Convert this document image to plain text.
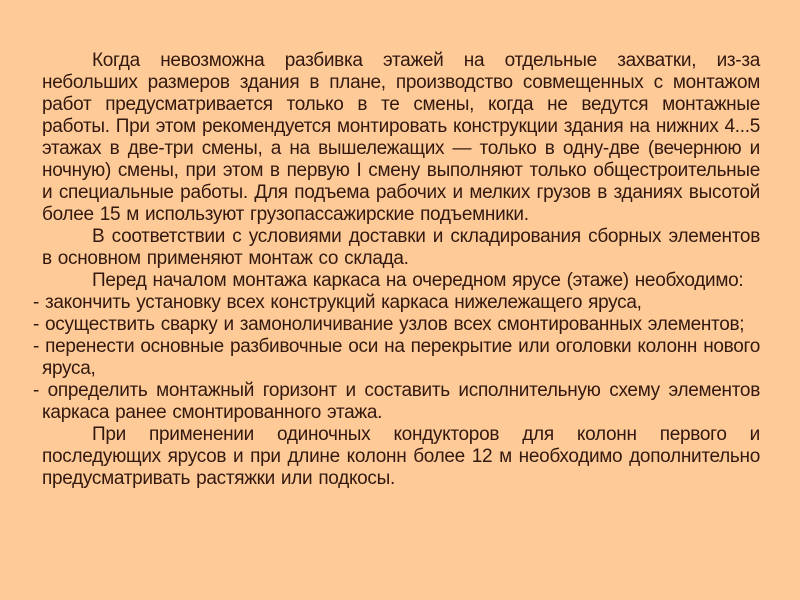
Когда невозможна разбивка этажей на отдельные захватки, из-за небольших размеров здания в плане, производство совмещенных с монтажом работ предусматривается только в те смены, когда не ведутся монтажные работы. При этом рекомендуется монтировать конструкции здания на нижних 4...5 этажах в две-три смены, а на вышележащих — только в одну-две (вечернюю и ночную) смены, при этом в первую I смену выполняют только общестроительные и специальные работы. Для подъема рабочих и мелких грузов в зданиях высотой более 15 м используют грузопассажирские подъемники.

В соответствии с условиями доставки и складирования сборных элементов в основном применяют монтаж со склада.

Перед началом монтажа каркаса на очередном ярусе (этаже) необходимо:

- закончить установку всех конструкций каркаса нижележащего яруса,

- осуществить сварку и замоноличивание узлов всех смонтированных элементов;

- перенести основные разбивочные оси на перекрытие или оголовки колонн нового яруса,

- определить монтажный горизонт и составить исполнительную схему элементов каркаса ранее смонтированного этажа.

При применении одиночных кондукторов для колонн первого и последующих ярусов и при длине колонн более 12 м необходимо дополнительно предусматривать растяжки или подкосы.
